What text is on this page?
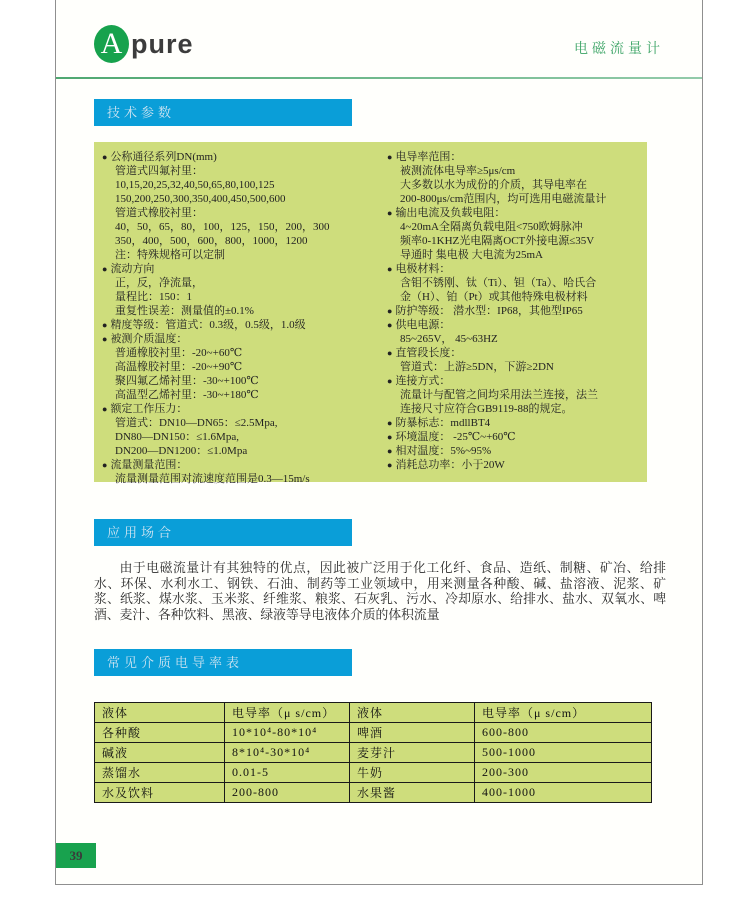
A pure	电磁流量计
技术参数
● 公称通径系列DN(mm)
管道式四氟衬里：
10,15,20,25,32,40,50,65,80,100,125
150,200,250,300,350,400,450,500,600
管道式橡胶衬里：
40，50，65，80，100，125，150，200，300
350，400，500，600，800，1000，1200
注：特殊规格可以定制
● 流动方向
正，反，净流量，
量程比：150：1
重复性误差：测量值的±0.1%
● 精度等级：管道式：0.3级，0.5级，1.0级
● 被测介质温度：
普通橡胶衬里：-20~+60℃
高温橡胶衬里：-20~+90℃
聚四氟乙烯衬里：-30~+100℃
高温型乙烯衬里：-30~+180℃
● 额定工作压力：
管道式：DN10—DN65：≤2.5Mpa,
DN80—DN150：≤1.6Mpa,
DN200—DN1200：≤1.0Mpa
● 流量测量范围：
流量测量范围对流速度范围是0.3—15m/s
● 电导率范围：
被测流体电导率≥5μs/cm
大多数以水为成份的介质，其导电率在
200-800μs/cm范围内，均可选用电磁流量计
● 输出电流及负载电阻：
4~20mA全隔离负载电阻<750欧姆脉冲
频率0-1KHZ光电隔离OCT外接电源≤35V
导通时 集电极 大电流为25mA
● 电极材料：
含钼不锈刚、钛（Ti）、钽（Ta）、哈氏合
金（H）、铂（Pt）或其他特殊电极材料
● 防护等级： 潜水型：IP68，其他型IP65
● 供电电源：
85~265V， 45~63HZ
● 直管段长度：
管道式：上游≥5DN，下游≥2DN
● 连接方式：
流量计与配管之间均采用法兰连接，法兰
连接尺寸应符合GB9119-88的规定。
● 防暴标志：mdllBT4
● 环境温度： -25℃~+60℃
● 相对温度：5%~95%
● 消耗总功率：小于20W
应用场合
由于电磁流量计有其独特的优点，因此被广泛用于化工化纤、食品、造纸、制糖、矿冶、给排水、环保、水利水工、钢铁、石油、制药等工业领域中，用来测量各种酸、碱、盐溶液、泥浆、矿浆、纸浆、煤水浆、玉米浆、纤维浆、粮浆、石灰乳、污水、冷却原水、给排水、盐水、双氧水、啤酒、麦汁、各种饮料、黑液、绿液等导电液体介质的体积流量
常见介质电导率表
液体	电导率（μ s/cm）	液体	电导率（μ s/cm）
各种酸	10*10⁴-80*10⁴	啤酒	600-800
碱液	8*10⁴-30*10⁴	麦芽汁	500-1000
蒸馏水	0.01-5	牛奶	200-300
水及饮料	200-800	水果酱	400-1000
39
